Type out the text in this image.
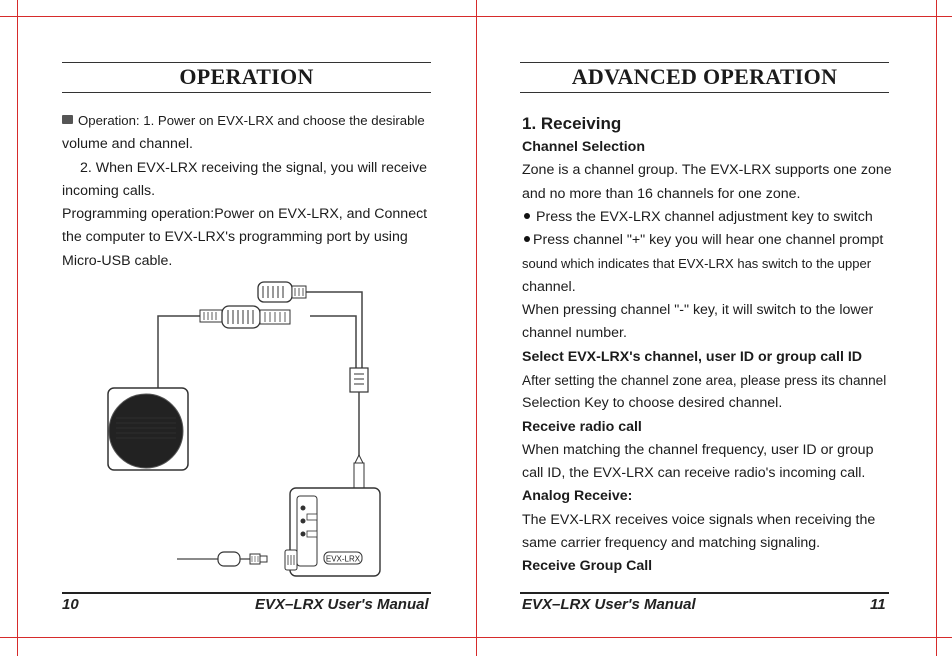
OPERATION
Operation: 1. Power on EVX-LRX and choose the desirable
volume and channel.
2. When EVX-LRX receiving the signal, you will receive
incoming calls.
Programming operation:Power on EVX-LRX, and Connect
the computer to EVX-LRX's programming port by using
Micro-USB cable.
EVX-LRX
10	EVX–LRX User's Manual
ADVANCED OPERATION
1. Receiving
Channel Selection
Zone is a channel group. The EVX-LRX supports one zone
and no more than 16 channels for one zone.
Press the EVX-LRX channel adjustment key to switch
Press channel "+" key you will hear one channel prompt
sound which indicates that EVX-LRX has switch to the upper
channel.
When pressing channel "-" key, it will switch to the lower
channel number.
Select EVX-LRX's channel, user ID or group call ID
After setting the channel zone area, please press its channel
Selection Key to choose desired channel.
Receive radio call
When matching the channel frequency, user ID or group
call ID, the EVX-LRX can receive radio's incoming call.
Analog Receive:
The EVX-LRX receives voice signals when receiving the
same carrier frequency and matching signaling.
Receive Group Call
EVX–LRX User's Manual	11
